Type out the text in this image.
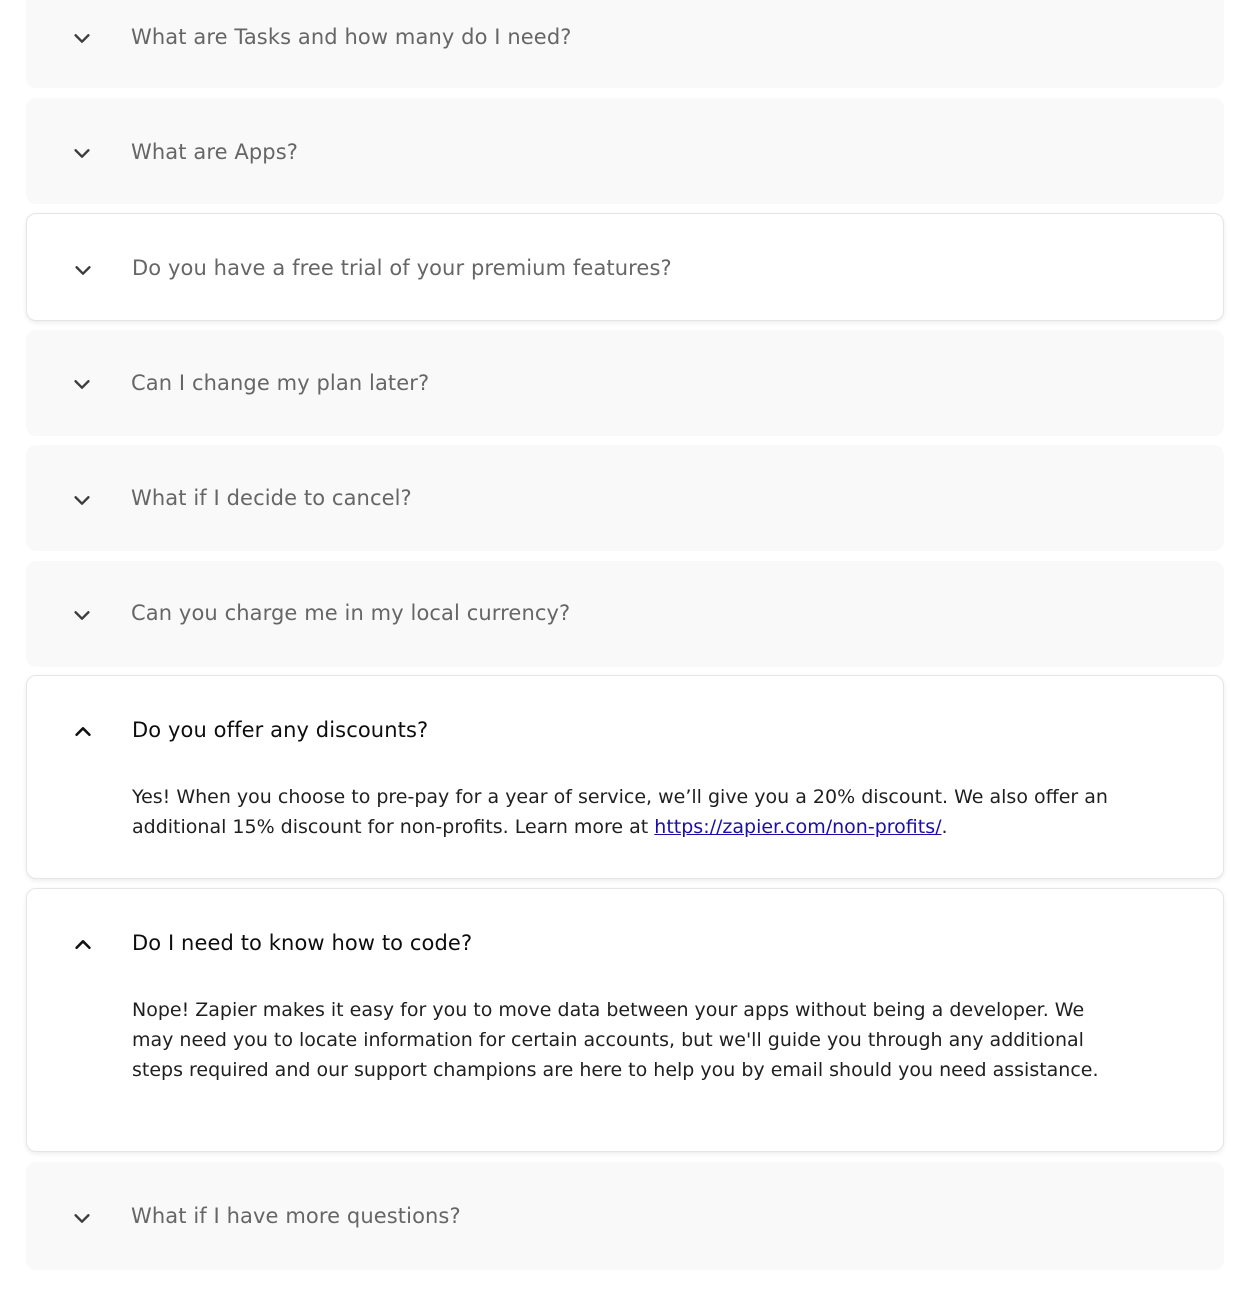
What are Tasks and how many do I need?
What are Apps?
Do you have a free trial of your premium features?
Can I change my plan later?
What if I decide to cancel?
Can you charge me in my local currency?
Do you offer any discounts?

Yes! When you choose to pre-pay for a year of service, we’ll give you a 20% discount. We also offer an additional 15% discount for non-profits. Learn more at https://zapier.com/non-profits/.

Do I need to know how to code?

Nope! Zapier makes it easy for you to move data between your apps without being a developer. We may need you to locate information for certain accounts, but we'll guide you through any additional steps required and our support champions are here to help you by email should you need assistance.

What if I have more questions?
